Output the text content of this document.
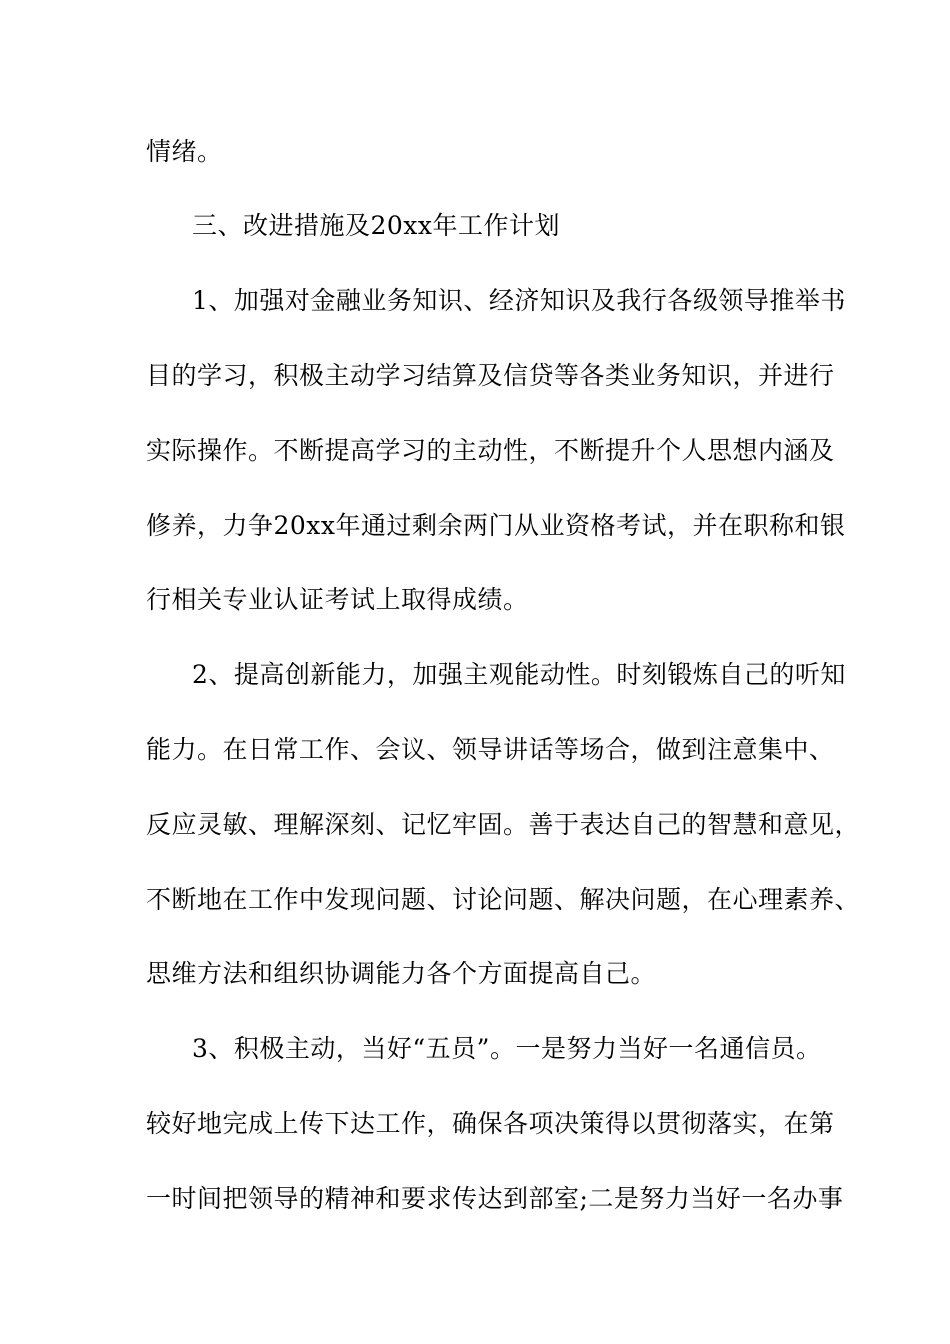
情绪。
三、改进措施及20xx年工作计划
1、加强对金融业务知识、经济知识及我行各级领导推举书
目的学习，积极主动学习结算及信贷等各类业务知识，并进行
实际操作。不断提高学习的主动性，不断提升个人思想内涵及
修养，力争20xx年通过剩余两门从业资格考试，并在职称和银
行相关专业认证考试上取得成绩。
2、提高创新能力，加强主观能动性。时刻锻炼自己的听知
能力。在日常工作、会议、领导讲话等场合，做到注意集中、
反应灵敏、理解深刻、记忆牢固。善于表达自己的智慧和意见，
不断地在工作中发现问题、讨论问题、解决问题，在心理素养、
思维方法和组织协调能力各个方面提高自己。
3、积极主动，当好“五员”。一是努力当好一名通信员。
较好地完成上传下达工作，确保各项决策得以贯彻落实，在第
一时间把领导的精神和要求传达到部室;二是努力当好一名办事
